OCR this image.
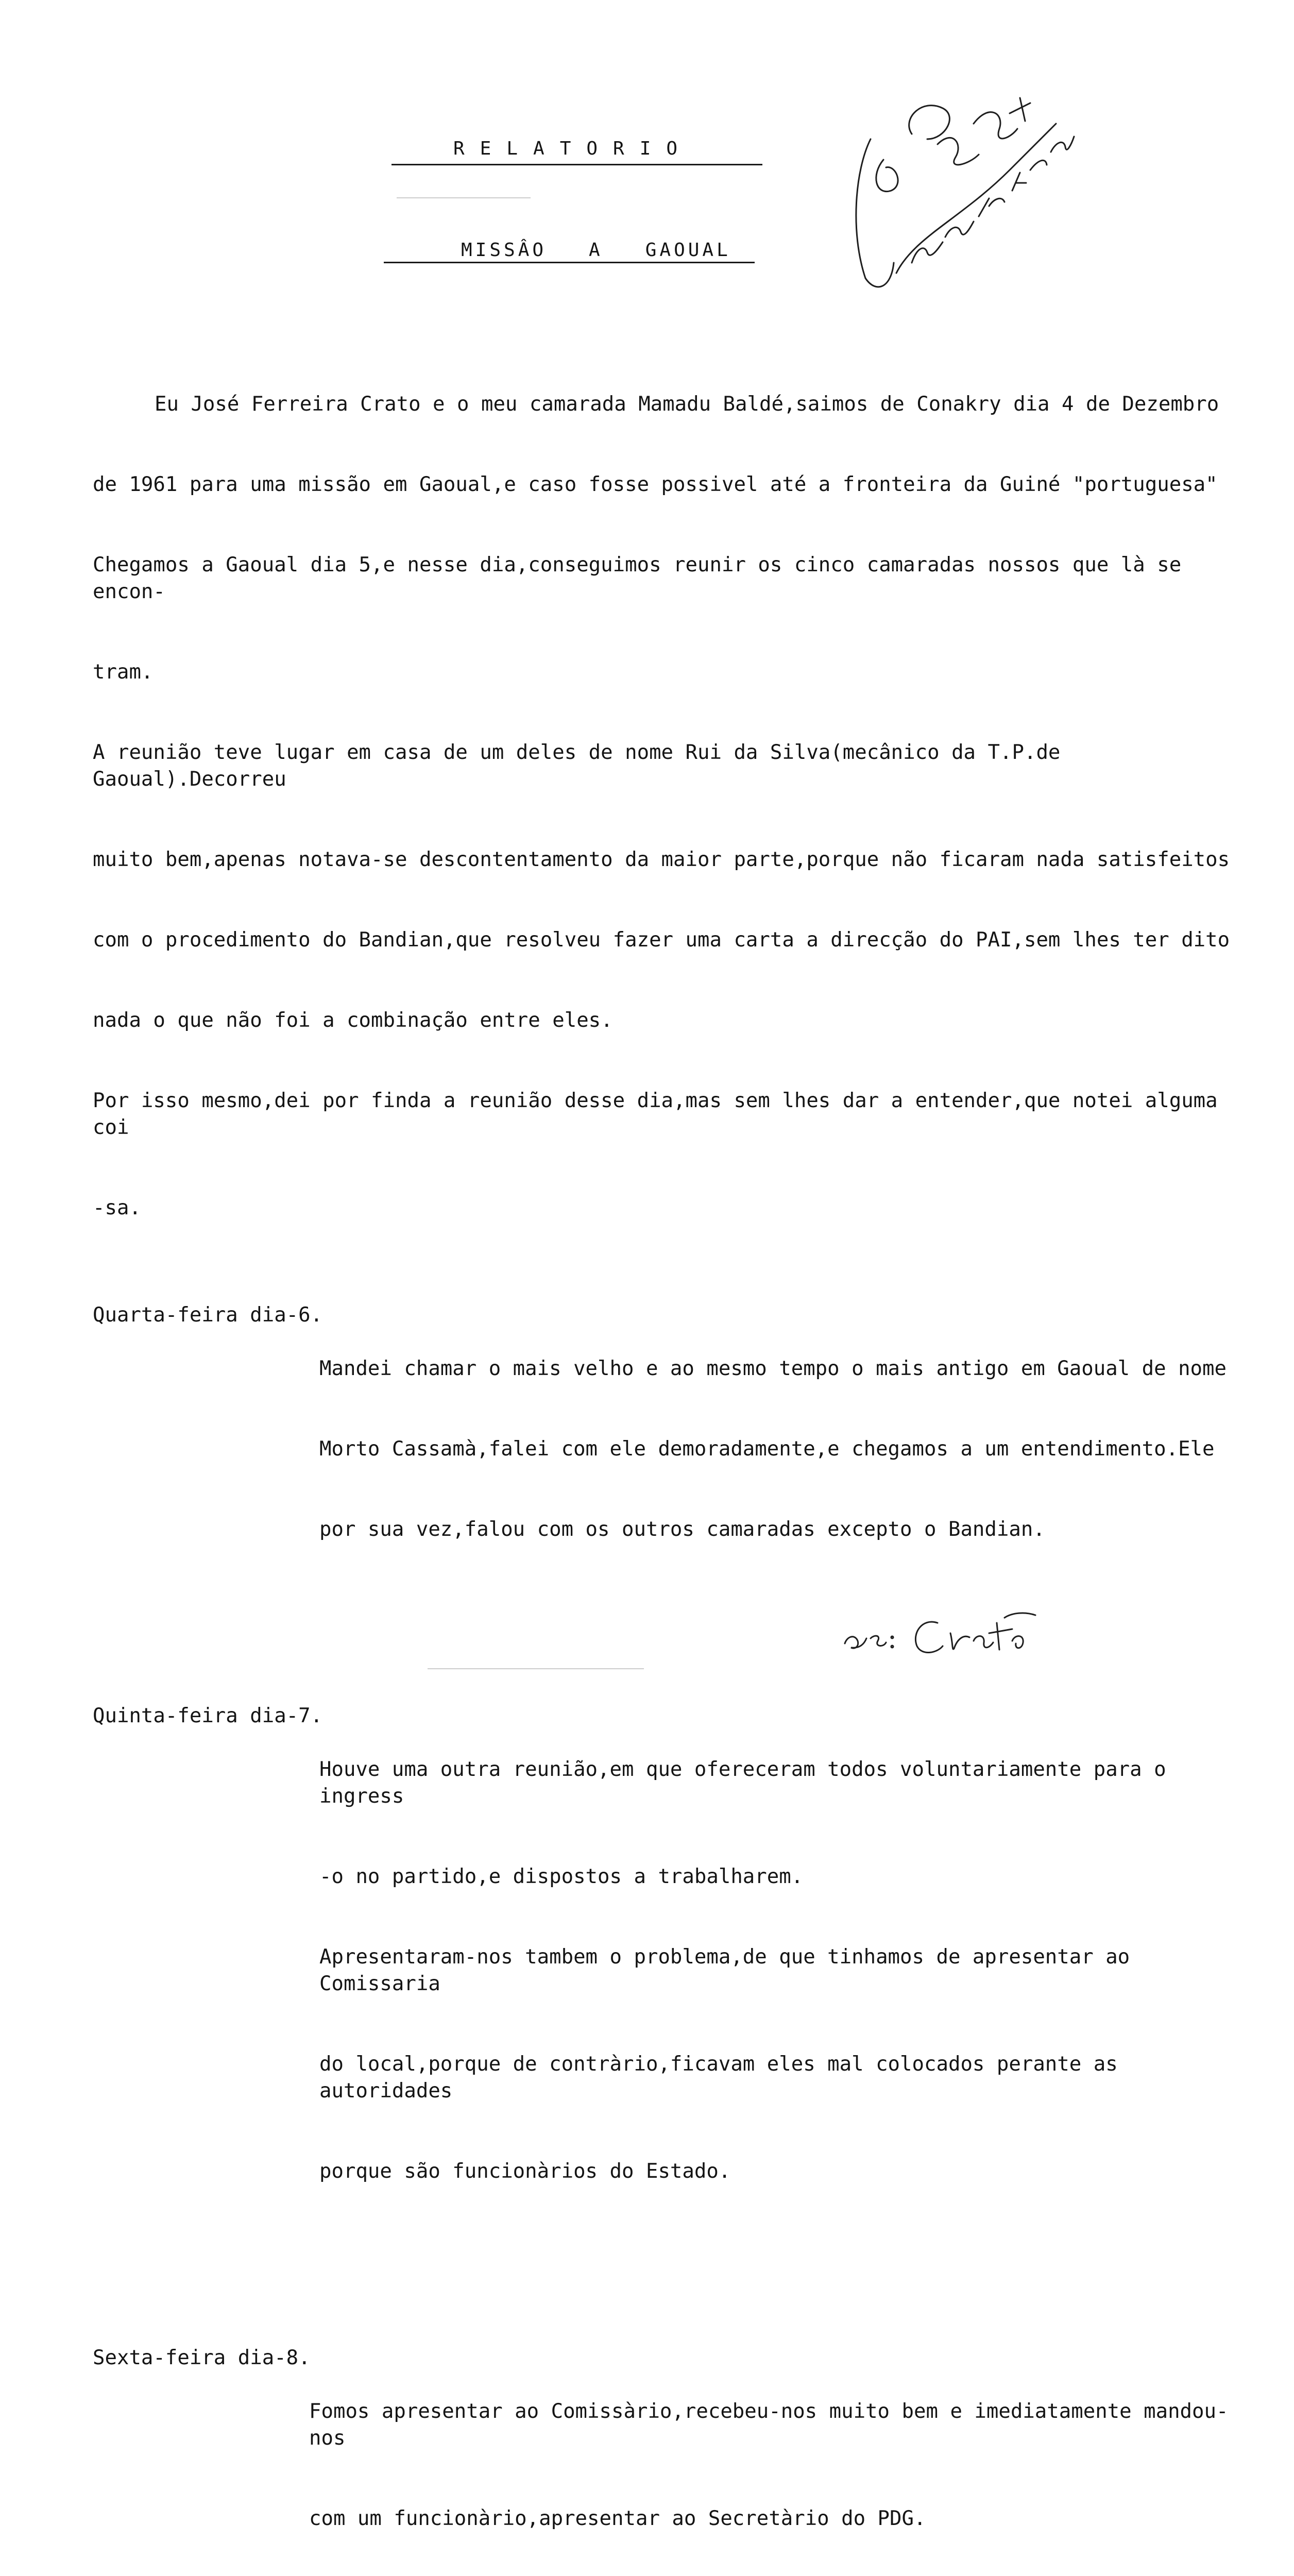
RELATORIO
MISSÂO A GAOUAL

Eu José Ferreira Crato e o meu camarada Mamadu Baldé,saimos de Conakry dia 4 de Dezembro

de 1961 para uma missão em Gaoual,e caso fosse possivel até a fronteira da Guiné "portuguesa"

Chegamos a Gaoual dia 5,e nesse dia,conseguimos reunir os cinco camaradas nossos que là se encon-

tram.

A reunião teve lugar em casa de um deles de nome Rui da Silva(mecânico da T.P.de Gaoual).Decorreu

muito bem,apenas notava-se descontentamento da maior parte,porque não ficaram nada satisfeitos

com o procedimento do Bandian,que resolveu fazer uma carta a direcção do PAI,sem lhes ter dito

nada o que não foi a combinação entre eles.

Por isso mesmo,dei por finda a reunião desse dia,mas sem lhes dar a entender,que notei alguma coi

-sa.

Quarta-feira dia-6.

Mandei chamar o mais velho e ao mesmo tempo o mais antigo em Gaoual de nome

Morto Cassamà,falei com ele demoradamente,e chegamos a um entendimento.Ele

por sua vez,falou com os outros camaradas excepto o Bandian.

Quinta-feira dia-7.

Houve uma outra reunião,em que ofereceram todos voluntariamente para o ingress

-o no partido,e dispostos a trabalharem.

Apresentaram-nos tambem o problema,de que tinhamos de apresentar ao Comissaria

do local,porque de contràrio,ficavam eles mal colocados perante as autoridades

porque são funcionàrios do Estado.

Sexta-feira dia-8.

Fomos apresentar ao Comissàrio,recebeu-nos muito bem e imediatamente mandou-nos

com um funcionàrio,apresentar ao Secretàrio do PDG.
